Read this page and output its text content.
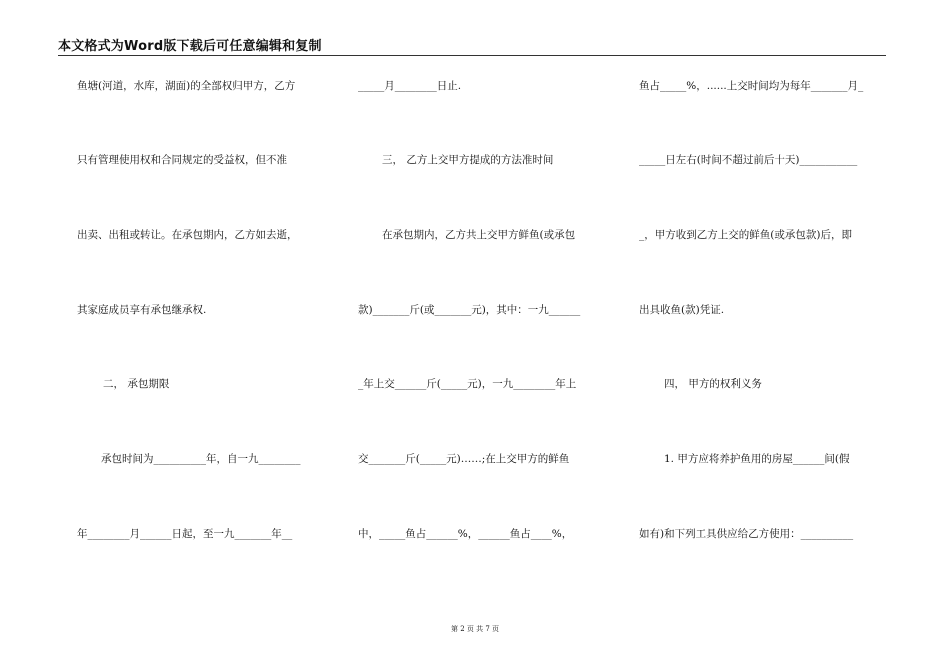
本文格式为Word版下载后可任意编辑和复制
鱼塘(河道，水库，湖面)的全部权归甲方，乙方
只有管理使用权和合同规定的受益权，但不准
出卖、出租或转让。在承包期内，乙方如去逝，
其家庭成员享有承包继承权.
二， 承包期限
承包时间为__________年，自一九________
年________月______日起，至一九_______年__
_____月________日止.
三， 乙方上交甲方提成的方法准时间
在承包期内，乙方共上交甲方鲜鱼(或承包
款)_______斤(或_______元)，其中：一九______
_年上交______斤(_____元)，一九________年上
交_______斤(_____元)……;在上交甲方的鲜鱼
中，_____鱼占______%，______鱼占____%，
鱼占_____%，......上交时间均为每年_______月_
_____日左右(时间不超过前后十天)___________
_，甲方收到乙方上交的鲜鱼(或承包款)后，即
出具收鱼(款)凭证.
四， 甲方的权利义务
1. 甲方应将养护鱼用的房屋______间(假
如有)和下列工具供应给乙方使用：__________
第 2 页 共 7 页
